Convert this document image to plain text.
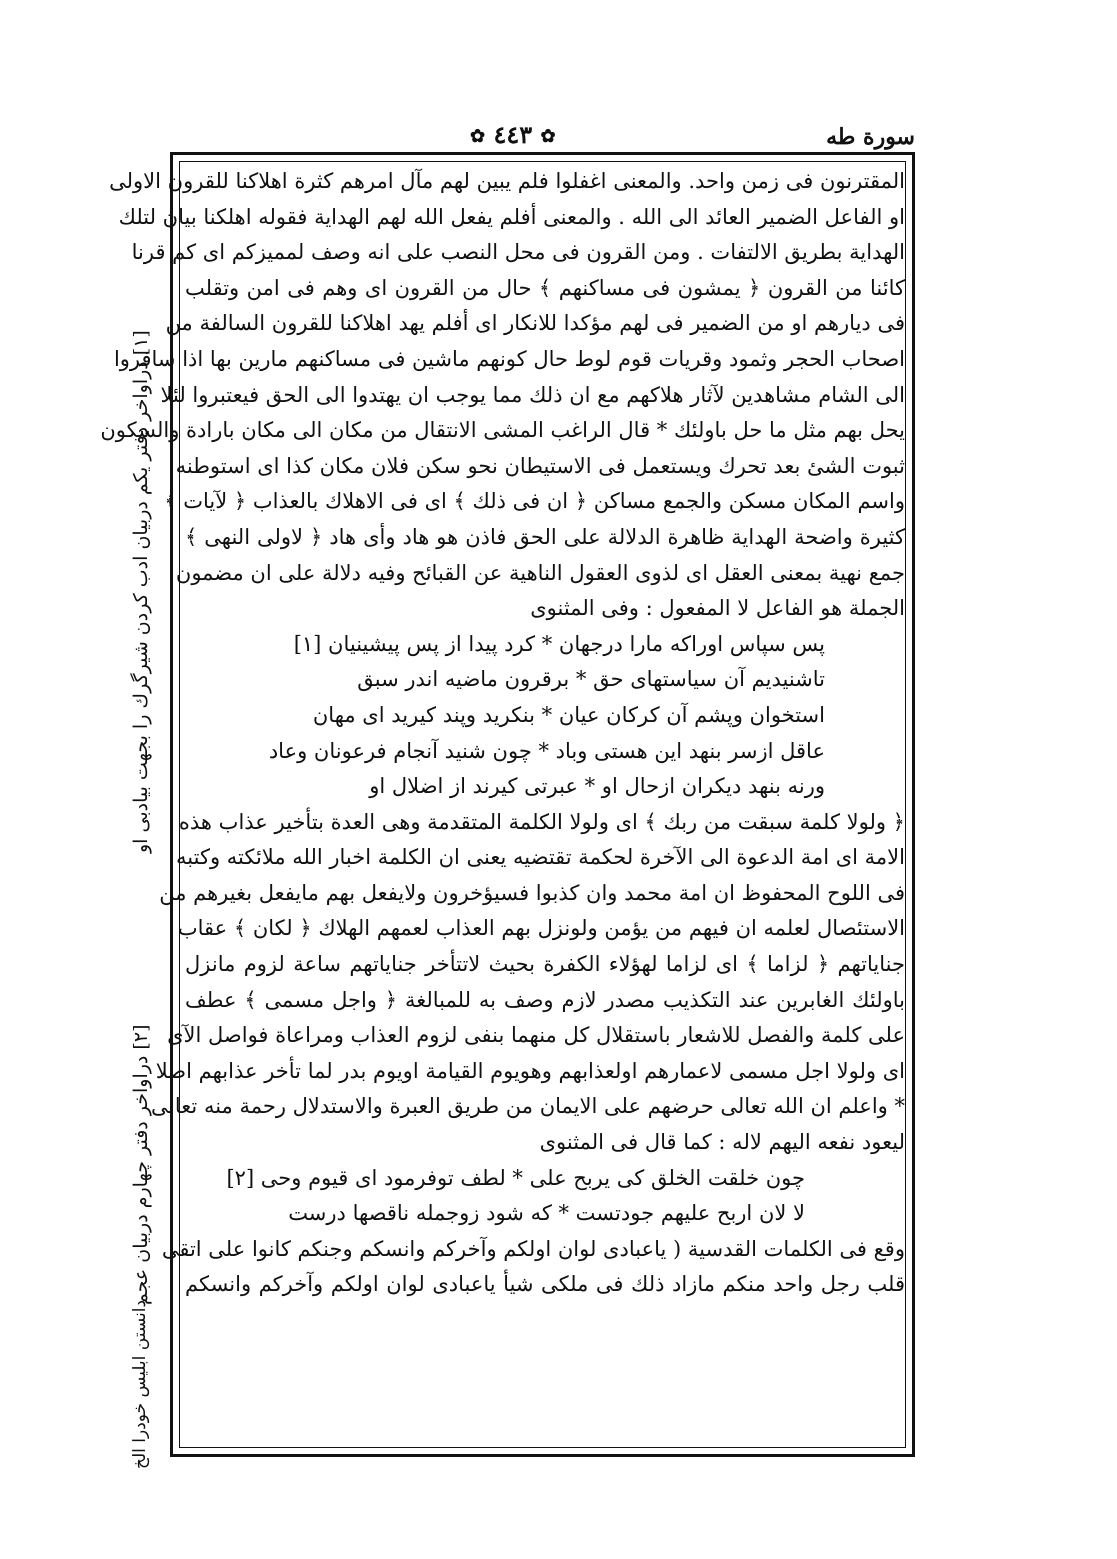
سورة طه
✿ ٤٤٣ ✿
المقترنون فى زمن واحد. والمعنى اغفلوا فلم يبين لهم مآل امرهم كثرة اهلاكنا للقرون الاولى
او الفاعل الضمير العائد الى الله . والمعنى أفلم يفعل الله لهم الهداية فقوله اهلكنا بيان لتلك
الهداية بطريق الالتفات . ومن القرون فى محل النصب على انه وصف لمميزكم اى كم قرنا
كائنا من القرون ﴿ يمشون فى مساكنهم ﴾ حال من القرون اى وهم فى امن وتقلب
فى ديارهم او من الضمير فى لهم مؤكدا للانكار اى أفلم يهد اهلاكنا للقرون السالفة من
اصحاب الحجر وثمود وقريات قوم لوط حال كونهم ماشين فى مساكنهم مارين بها اذا سافروا
الى الشام مشاهدين لآثار هلاكهم مع ان ذلك مما يوجب ان يهتدوا الى الحق فيعتبروا لئلا
يحل بهم مثل ما حل باولئك * قال الراغب المشى الانتقال من مكان الى مكان بارادة والسكون
ثبوت الشئ بعد تحرك ويستعمل فى الاستيطان نحو سكن فلان مكان كذا اى استوطنه
واسم المكان مسكن والجمع مساكن ﴿ ان فى ذلك ﴾ اى فى الاهلاك بالعذاب ﴿ لآيات ﴾
كثيرة واضحة الهداية ظاهرة الدلالة على الحق فاذن هو هاد وأى هاد ﴿ لاولى النهى ﴾
جمع نهية بمعنى العقل اى لذوى العقول الناهية عن القبائح وفيه دلالة على ان مضمون
الجملة هو الفاعل لا المفعول : وفى المثنوى
پس سپاس اوراكه مارا درجهان * كرد پيدا از پس پيشينيان [١]
تاشنيديم آن سياستهاى حق * برقرون ماضيه اندر سبق
استخوان وپشم آن كركان عيان * بنكريد وپند كيريد اى مهان
عاقل ازسر بنهد اين هستى وباد * چون شنيد آنجام فرعونان وعاد
ورنه بنهد ديكران ازحال او * عبرتى كيرند از اضلال او
﴿ ولولا كلمة سبقت من ربك ﴾ اى ولولا الكلمة المتقدمة وهى العدة بتأخير عذاب هذه
الامة اى امة الدعوة الى الآخرة لحكمة تقتضيه يعنى ان الكلمة اخبار الله ملائكته وكتبه
فى اللوح المحفوظ ان امة محمد وان كذبوا فسيؤخرون ولايفعل بهم مايفعل بغيرهم من
الاستئصال لعلمه ان فيهم من يؤمن ولونزل بهم العذاب لعمهم الهلاك ﴿ لكان ﴾ عقاب
جناياتهم ﴿ لزاما ﴾ اى لزاما لهؤلاء الكفرة بحيث لاتتأخر جناياتهم ساعة لزوم مانزل
باولئك الغابرين عند التكذيب مصدر لازم وصف به للمبالغة ﴿ واجل مسمى ﴾ عطف
على كلمة والفصل للاشعار باستقلال كل منهما بنفى لزوم العذاب ومراعاة فواصل الآى
اى ولولا اجل مسمى لاعمارهم اولعذابهم وهويوم القيامة اويوم بدر لما تأخر عذابهم اصلا
* واعلم ان الله تعالى حرضهم على الايمان من طريق العبرة والاستدلال رحمة منه تعالى
ليعود نفعه اليهم لاله : كما قال فى المثنوى
چون خلقت الخلق كى يربح على * لطف توفرمود اى قيوم وحى [٢]
لا لان اربح عليهم جودتست * كه شود زوجمله ناقصها درست
وقع فى الكلمات القدسية ( ياعبادى لوان اولكم وآخركم وانسكم وجنكم كانوا على اتقى
قلب رجل واحد منكم مازاد ذلك فى ملكى شيأ ياعبادى لوان اولكم وآخركم وانسكم
[١] دراواخر دفتر يكم دربيان ادب كردن شيرگرك را بجهت بيادبى او
[٢] دراواخر دفتر چهارم دربيان عجم
دانستن ابليس خودرا الخ
